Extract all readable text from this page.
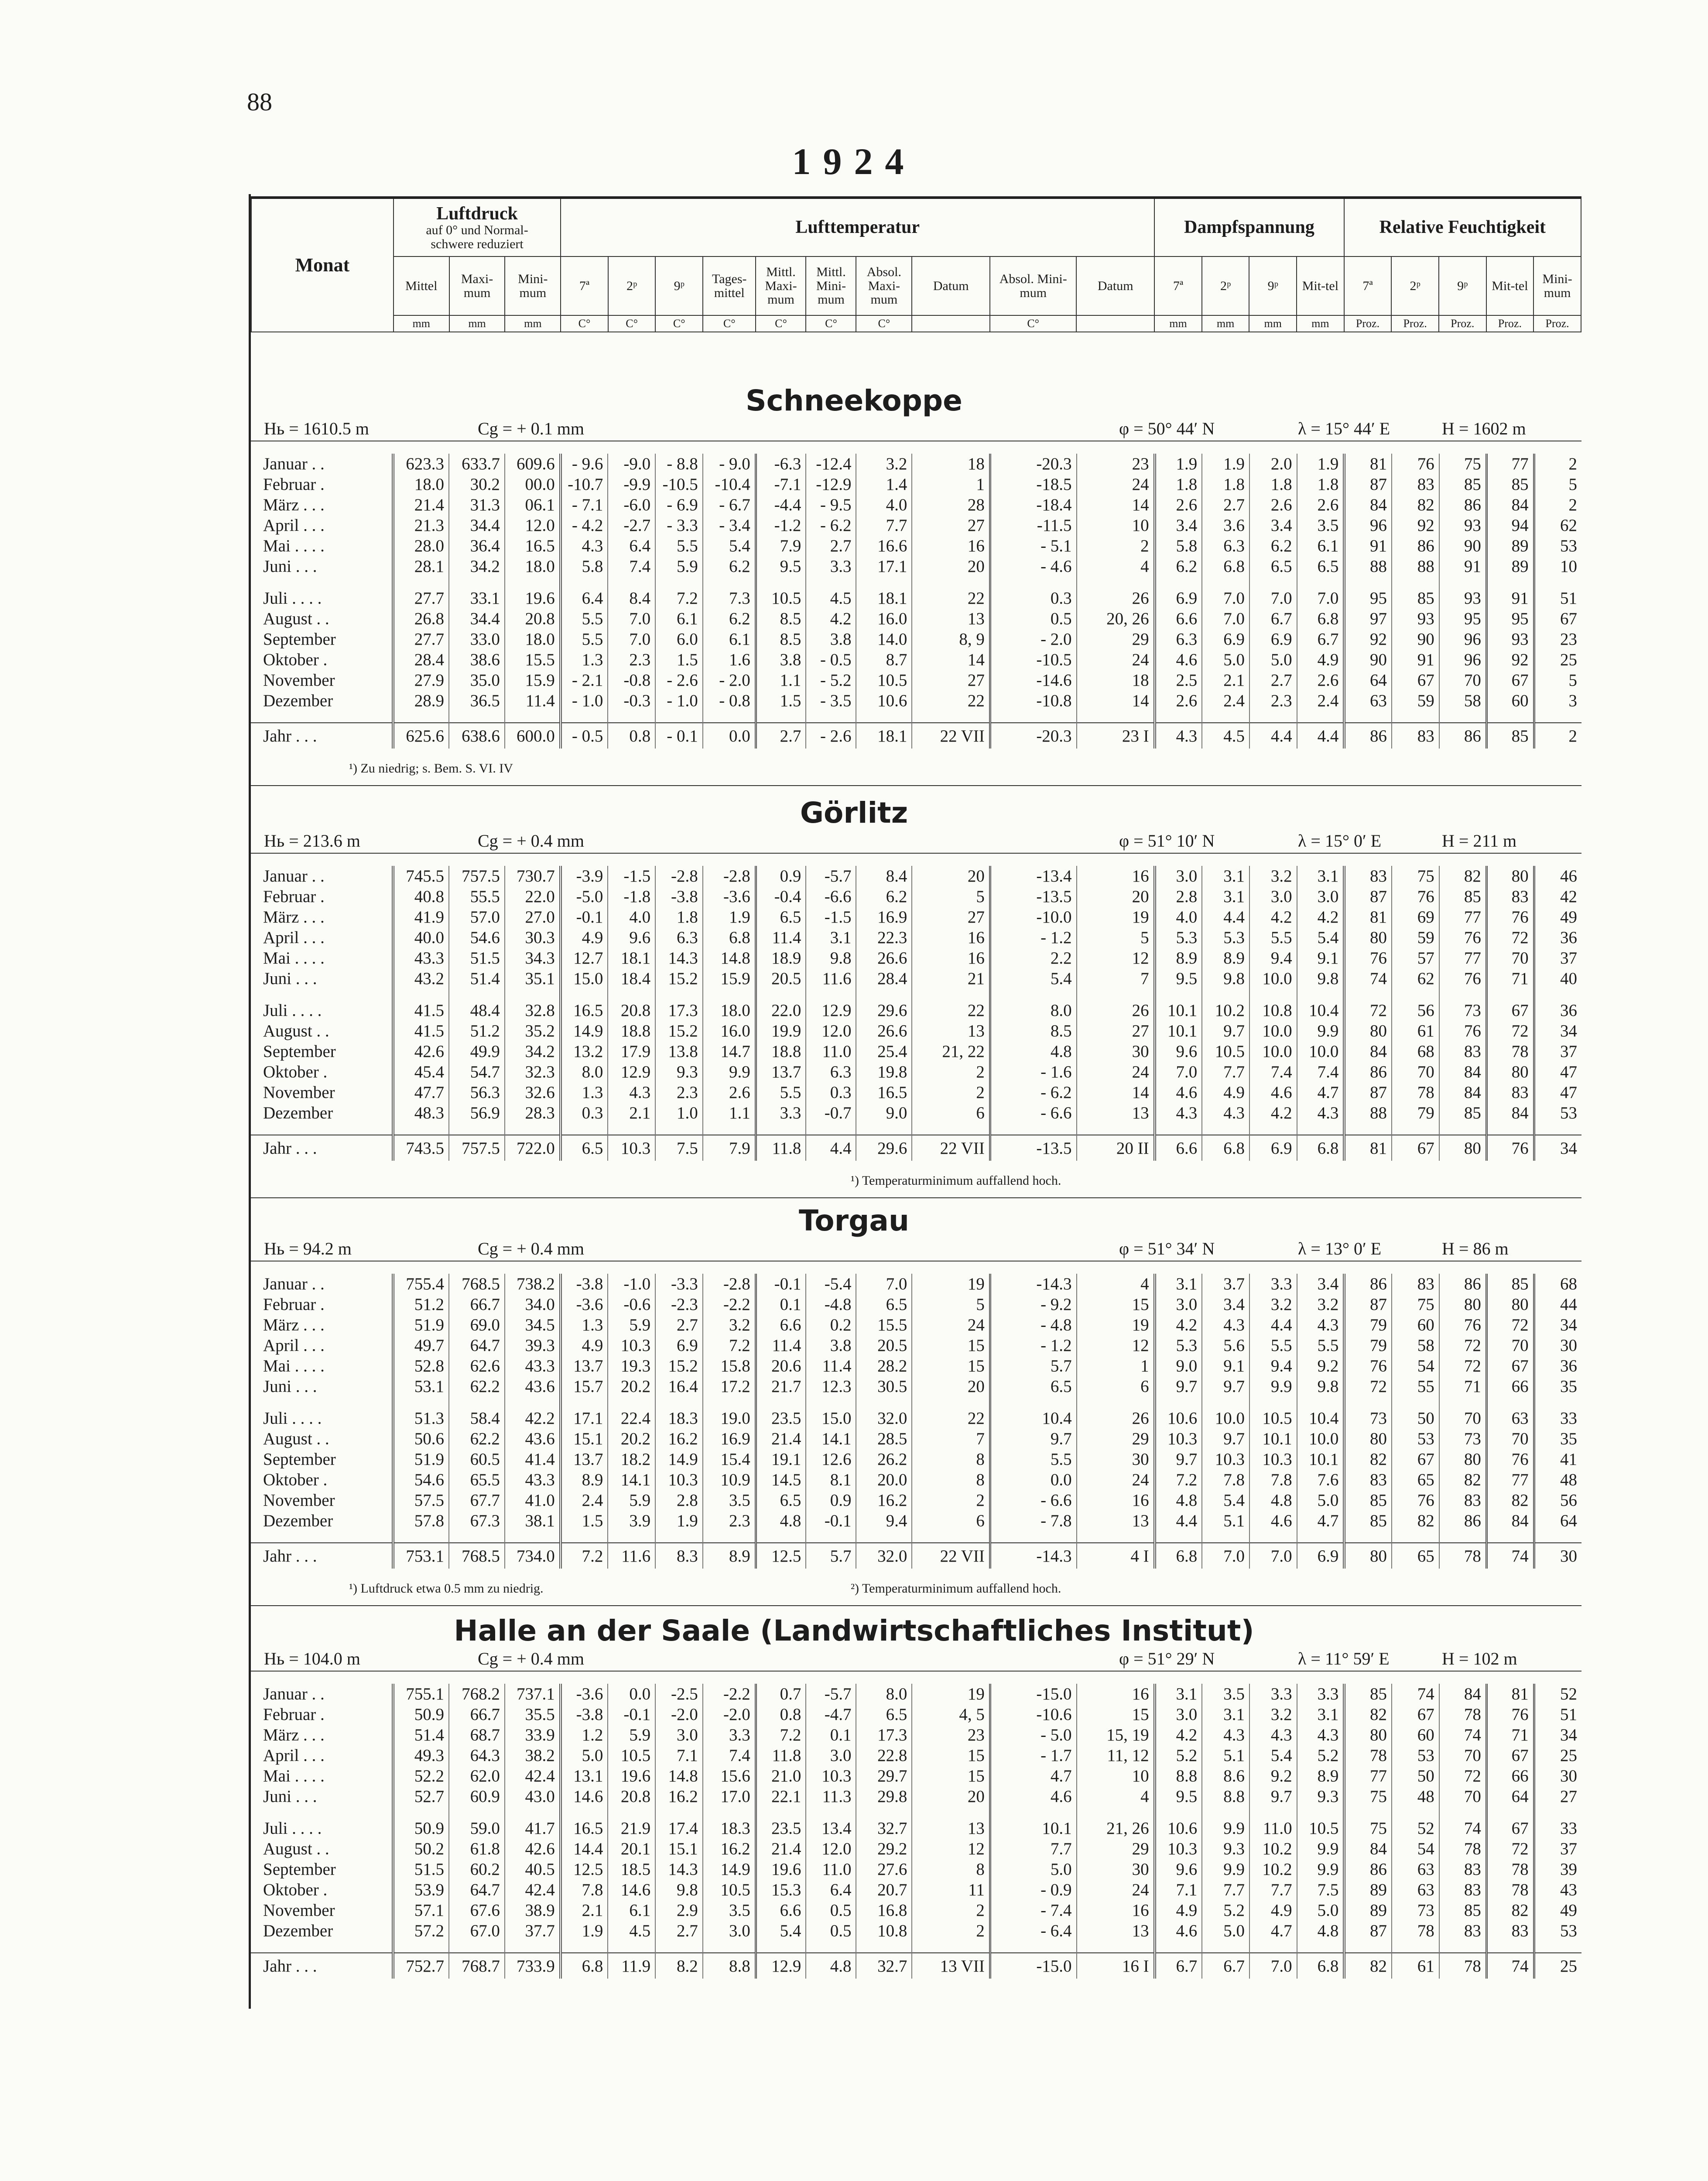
88
1924
Monat	Luftdruck
auf 0° und Normal-
schwere reduziert			Lufttemperatur										Dampfspannung				Relative Feuchtigkeit				
	Mittel	Maxi-mum	Mini-mum	7ª	2ᵖ	9ᵖ	Tages-mittel	Mittl. Maxi-mum	Mittl. Mini-mum	Absol. Maxi-mum	Datum	Absol. Mini-mum	Datum	7ª	2ᵖ	9ᵖ	Mit-tel	7ª	2ᵖ	9ᵖ	Mit-tel	Mini-mum
	mm	mm	mm	C°	C°	C°	C°	C°	C°	C°		C°		mm	mm	mm	mm	Proz.	Proz.	Proz.	Proz.	Proz.
Schneekoppe
Hь = 1610.5 m	Cg = + 0.1 mm	φ = 50° 44′ N	λ = 15° 44′ E	H = 1602 m
Januar . .	623.3	633.7	609.6	- 9.6	-9.0	- 8.8	- 9.0	-6.3	-12.4	3.2	18	-20.3	23	1.9	1.9	2.0	1.9	81	76	75	77	2
Februar .	18.0	30.2	00.0	-10.7	-9.9	-10.5	-10.4	-7.1	-12.9	1.4	1	-18.5	24	1.8	1.8	1.8	1.8	87	83	85	85	5
März . . .	21.4	31.3	06.1	- 7.1	-6.0	- 6.9	- 6.7	-4.4	- 9.5	4.0	28	-18.4	14	2.6	2.7	2.6	2.6	84	82	86	84	2
April . . .	21.3	34.4	12.0	- 4.2	-2.7	- 3.3	- 3.4	-1.2	- 6.2	7.7	27	-11.5	10	3.4	3.6	3.4	3.5	96	92	93	94	62
Mai . . . .	28.0	36.4	16.5	4.3	6.4	5.5	5.4	7.9	2.7	16.6	16	- 5.1	2	5.8	6.3	6.2	6.1	91	86	90	89	53
Juni . . .	28.1	34.2	18.0	5.8	7.4	5.9	6.2	9.5	3.3	17.1	20	- 4.6	4	6.2	6.8	6.5	6.5	88	88	91	89	10

Juli . . . .	27.7	33.1	19.6	6.4	8.4	7.2	7.3	10.5	4.5	18.1	22	0.3	26	6.9	7.0	7.0	7.0	95	85	93	91	51
August . .	26.8	34.4	20.8	5.5	7.0	6.1	6.2	8.5	4.2	16.0	13	0.5	20, 26	6.6	7.0	6.7	6.8	97	93	95	95	67
September	27.7	33.0	18.0	5.5	7.0	6.0	6.1	8.5	3.8	14.0	8, 9	- 2.0	29	6.3	6.9	6.9	6.7	92	90	96	93	23
Oktober .	28.4	38.6	15.5	1.3	2.3	1.5	1.6	3.8	- 0.5	8.7	14	-10.5	24	4.6	5.0	5.0	4.9	90	91	96	92	25
November	27.9	35.0	15.9	- 2.1	-0.8	- 2.6	- 2.0	1.1	- 5.2	10.5	27	-14.6	18	2.5	2.1	2.7	2.6	64	67	70	67	5
Dezember	28.9	36.5	11.4	- 1.0	-0.3	- 1.0	- 0.8	1.5	- 3.5	10.6	22	-10.8	14	2.6	2.4	2.3	2.4	63	59	58	60	3

Jahr . . .	625.6	638.6	600.0	- 0.5	0.8	- 0.1	0.0	2.7	- 2.6	18.1	22 VII	-20.3	23 I	4.3	4.5	4.4	4.4	86	83	86	85	2
¹) Zu niedrig; s. Bem. S. VI. IV
Görlitz
Hь = 213.6 m	Cg = + 0.4 mm	φ = 51° 10′ N	λ = 15° 0′ E	H = 211 m
Januar . .	745.5	757.5	730.7	-3.9	-1.5	-2.8	-2.8	0.9	-5.7	8.4	20	-13.4	16	3.0	3.1	3.2	3.1	83	75	82	80	46
Februar .	40.8	55.5	22.0	-5.0	-1.8	-3.8	-3.6	-0.4	-6.6	6.2	5	-13.5	20	2.8	3.1	3.0	3.0	87	76	85	83	42
März . . .	41.9	57.0	27.0	-0.1	4.0	1.8	1.9	6.5	-1.5	16.9	27	-10.0	19	4.0	4.4	4.2	4.2	81	69	77	76	49
April . . .	40.0	54.6	30.3	4.9	9.6	6.3	6.8	11.4	3.1	22.3	16	- 1.2	5	5.3	5.3	5.5	5.4	80	59	76	72	36
Mai . . . .	43.3	51.5	34.3	12.7	18.1	14.3	14.8	18.9	9.8	26.6	16	2.2	12	8.9	8.9	9.4	9.1	76	57	77	70	37
Juni . . .	43.2	51.4	35.1	15.0	18.4	15.2	15.9	20.5	11.6	28.4	21	5.4	7	9.5	9.8	10.0	9.8	74	62	76	71	40

Juli . . . .	41.5	48.4	32.8	16.5	20.8	17.3	18.0	22.0	12.9	29.6	22	8.0	26	10.1	10.2	10.8	10.4	72	56	73	67	36
August . .	41.5	51.2	35.2	14.9	18.8	15.2	16.0	19.9	12.0	26.6	13	8.5	27	10.1	9.7	10.0	9.9	80	61	76	72	34
September	42.6	49.9	34.2	13.2	17.9	13.8	14.7	18.8	11.0	25.4	21, 22	4.8	30	9.6	10.5	10.0	10.0	84	68	83	78	37
Oktober .	45.4	54.7	32.3	8.0	12.9	9.3	9.9	13.7	6.3	19.8	2	- 1.6	24	7.0	7.7	7.4	7.4	86	70	84	80	47
November	47.7	56.3	32.6	1.3	4.3	2.3	2.6	5.5	0.3	16.5	2	- 6.2	14	4.6	4.9	4.6	4.7	87	78	84	83	47
Dezember	48.3	56.9	28.3	0.3	2.1	1.0	1.1	3.3	-0.7	9.0	6	- 6.6	13	4.3	4.3	4.2	4.3	88	79	85	84	53

Jahr . . .	743.5	757.5	722.0	6.5	10.3	7.5	7.9	11.8	4.4	29.6	22 VII	-13.5	20 II	6.6	6.8	6.9	6.8	81	67	80	76	34
¹) Temperaturminimum auffallend hoch.
Torgau
Hь = 94.2 m	Cg = + 0.4 mm	φ = 51° 34′ N	λ = 13° 0′ E	H = 86 m
Januar . .	755.4	768.5	738.2	-3.8	-1.0	-3.3	-2.8	-0.1	-5.4	7.0	19	-14.3	4	3.1	3.7	3.3	3.4	86	83	86	85	68
Februar .	51.2	66.7	34.0	-3.6	-0.6	-2.3	-2.2	0.1	-4.8	6.5	5	- 9.2	15	3.0	3.4	3.2	3.2	87	75	80	80	44
März . . .	51.9	69.0	34.5	1.3	5.9	2.7	3.2	6.6	0.2	15.5	24	- 4.8	19	4.2	4.3	4.4	4.3	79	60	76	72	34
April . . .	49.7	64.7	39.3	4.9	10.3	6.9	7.2	11.4	3.8	20.5	15	- 1.2	12	5.3	5.6	5.5	5.5	79	58	72	70	30
Mai . . . .	52.8	62.6	43.3	13.7	19.3	15.2	15.8	20.6	11.4	28.2	15	5.7	1	9.0	9.1	9.4	9.2	76	54	72	67	36
Juni . . .	53.1	62.2	43.6	15.7	20.2	16.4	17.2	21.7	12.3	30.5	20	6.5	6	9.7	9.7	9.9	9.8	72	55	71	66	35

Juli . . . .	51.3	58.4	42.2	17.1	22.4	18.3	19.0	23.5	15.0	32.0	22	10.4	26	10.6	10.0	10.5	10.4	73	50	70	63	33
August . .	50.6	62.2	43.6	15.1	20.2	16.2	16.9	21.4	14.1	28.5	7	9.7	29	10.3	9.7	10.1	10.0	80	53	73	70	35
September	51.9	60.5	41.4	13.7	18.2	14.9	15.4	19.1	12.6	26.2	8	5.5	30	9.7	10.3	10.3	10.1	82	67	80	76	41
Oktober .	54.6	65.5	43.3	8.9	14.1	10.3	10.9	14.5	8.1	20.0	8	0.0	24	7.2	7.8	7.8	7.6	83	65	82	77	48
November	57.5	67.7	41.0	2.4	5.9	2.8	3.5	6.5	0.9	16.2	2	- 6.6	16	4.8	5.4	4.8	5.0	85	76	83	82	56
Dezember	57.8	67.3	38.1	1.5	3.9	1.9	2.3	4.8	-0.1	9.4	6	- 7.8	13	4.4	5.1	4.6	4.7	85	82	86	84	64

Jahr . . .	753.1	768.5	734.0	7.2	11.6	8.3	8.9	12.5	5.7	32.0	22 VII	-14.3	4 I	6.8	7.0	7.0	6.9	80	65	78	74	30
¹) Luftdruck etwa 0.5 mm zu niedrig.	²) Temperaturminimum auffallend hoch.
Halle an der Saale (Landwirtschaftliches Institut)
Hь = 104.0 m	Cg = + 0.4 mm	φ = 51° 29′ N	λ = 11° 59′ E	H = 102 m
Januar . .	755.1	768.2	737.1	-3.6	0.0	-2.5	-2.2	0.7	-5.7	8.0	19	-15.0	16	3.1	3.5	3.3	3.3	85	74	84	81	52
Februar .	50.9	66.7	35.5	-3.8	-0.1	-2.0	-2.0	0.8	-4.7	6.5	4, 5	-10.6	15	3.0	3.1	3.2	3.1	82	67	78	76	51
März . . .	51.4	68.7	33.9	1.2	5.9	3.0	3.3	7.2	0.1	17.3	23	- 5.0	15, 19	4.2	4.3	4.3	4.3	80	60	74	71	34
April . . .	49.3	64.3	38.2	5.0	10.5	7.1	7.4	11.8	3.0	22.8	15	- 1.7	11, 12	5.2	5.1	5.4	5.2	78	53	70	67	25
Mai . . . .	52.2	62.0	42.4	13.1	19.6	14.8	15.6	21.0	10.3	29.7	15	4.7	10	8.8	8.6	9.2	8.9	77	50	72	66	30
Juni . . .	52.7	60.9	43.0	14.6	20.8	16.2	17.0	22.1	11.3	29.8	20	4.6	4	9.5	8.8	9.7	9.3	75	48	70	64	27

Juli . . . .	50.9	59.0	41.7	16.5	21.9	17.4	18.3	23.5	13.4	32.7	13	10.1	21, 26	10.6	9.9	11.0	10.5	75	52	74	67	33
August . .	50.2	61.8	42.6	14.4	20.1	15.1	16.2	21.4	12.0	29.2	12	7.7	29	10.3	9.3	10.2	9.9	84	54	78	72	37
September	51.5	60.2	40.5	12.5	18.5	14.3	14.9	19.6	11.0	27.6	8	5.0	30	9.6	9.9	10.2	9.9	86	63	83	78	39
Oktober .	53.9	64.7	42.4	7.8	14.6	9.8	10.5	15.3	6.4	20.7	11	- 0.9	24	7.1	7.7	7.7	7.5	89	63	83	78	43
November	57.1	67.6	38.9	2.1	6.1	2.9	3.5	6.6	0.5	16.8	2	- 7.4	16	4.9	5.2	4.9	5.0	89	73	85	82	49
Dezember	57.2	67.0	37.7	1.9	4.5	2.7	3.0	5.4	0.5	10.8	2	- 6.4	13	4.6	5.0	4.7	4.8	87	78	83	83	53

Jahr . . .	752.7	768.7	733.9	6.8	11.9	8.2	8.8	12.9	4.8	32.7	13 VII	-15.0	16 I	6.7	6.7	7.0	6.8	82	61	78	74	25
